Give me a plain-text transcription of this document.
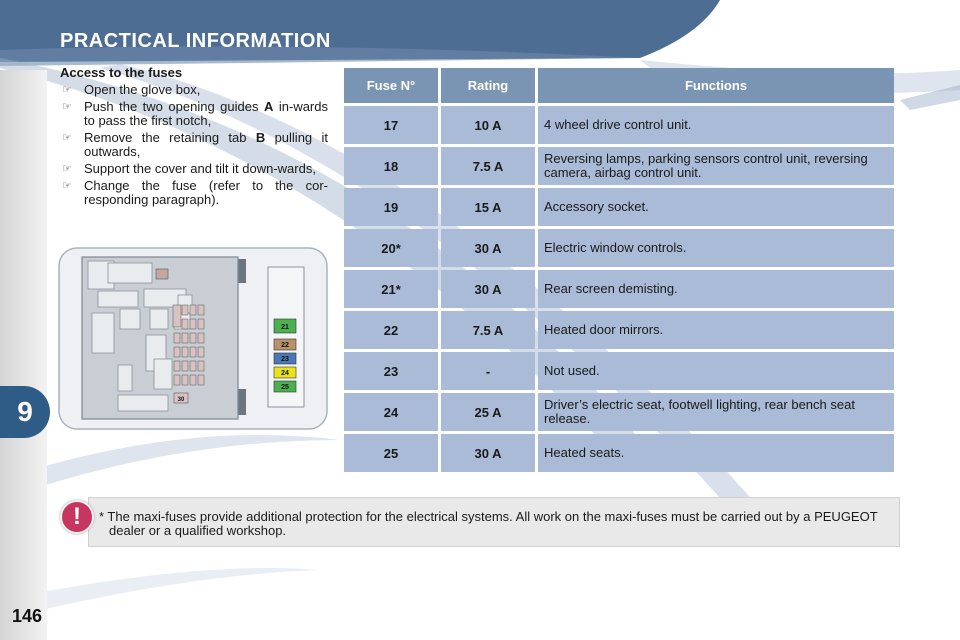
PRACTICAL INFORMATION
Access to the fuses
☞ Open the glove box,
☞ Push the two opening guides A in-wards to pass the first notch,
☞ Remove the retaining tab B pulling it outwards,
☞ Support the cover and tilt it down-wards,
☞ Change the fuse (refer to the cor-responding paragraph).
21
22
23
24
25
30
Fuse N°	Rating	Functions
17	10 A	4 wheel drive control unit.
18	7.5 A	Reversing lamps, parking sensors control unit, reversing camera, airbag control unit.
19	15 A	Accessory socket.
20*	30 A	Electric window controls.
21*	30 A	Rear screen demisting.
22	7.5 A	Heated door mirrors.
23	-	Not used.
24	25 A	Driver’s electric seat, footwell lighting, rear bench seat release.
25	30 A	Heated seats.
* The maxi-fuses provide additional protection for the electrical systems. All work on the maxi-fuses must be carried out by a PEUGEOT dealer or a qualified workshop.
!
9
146
